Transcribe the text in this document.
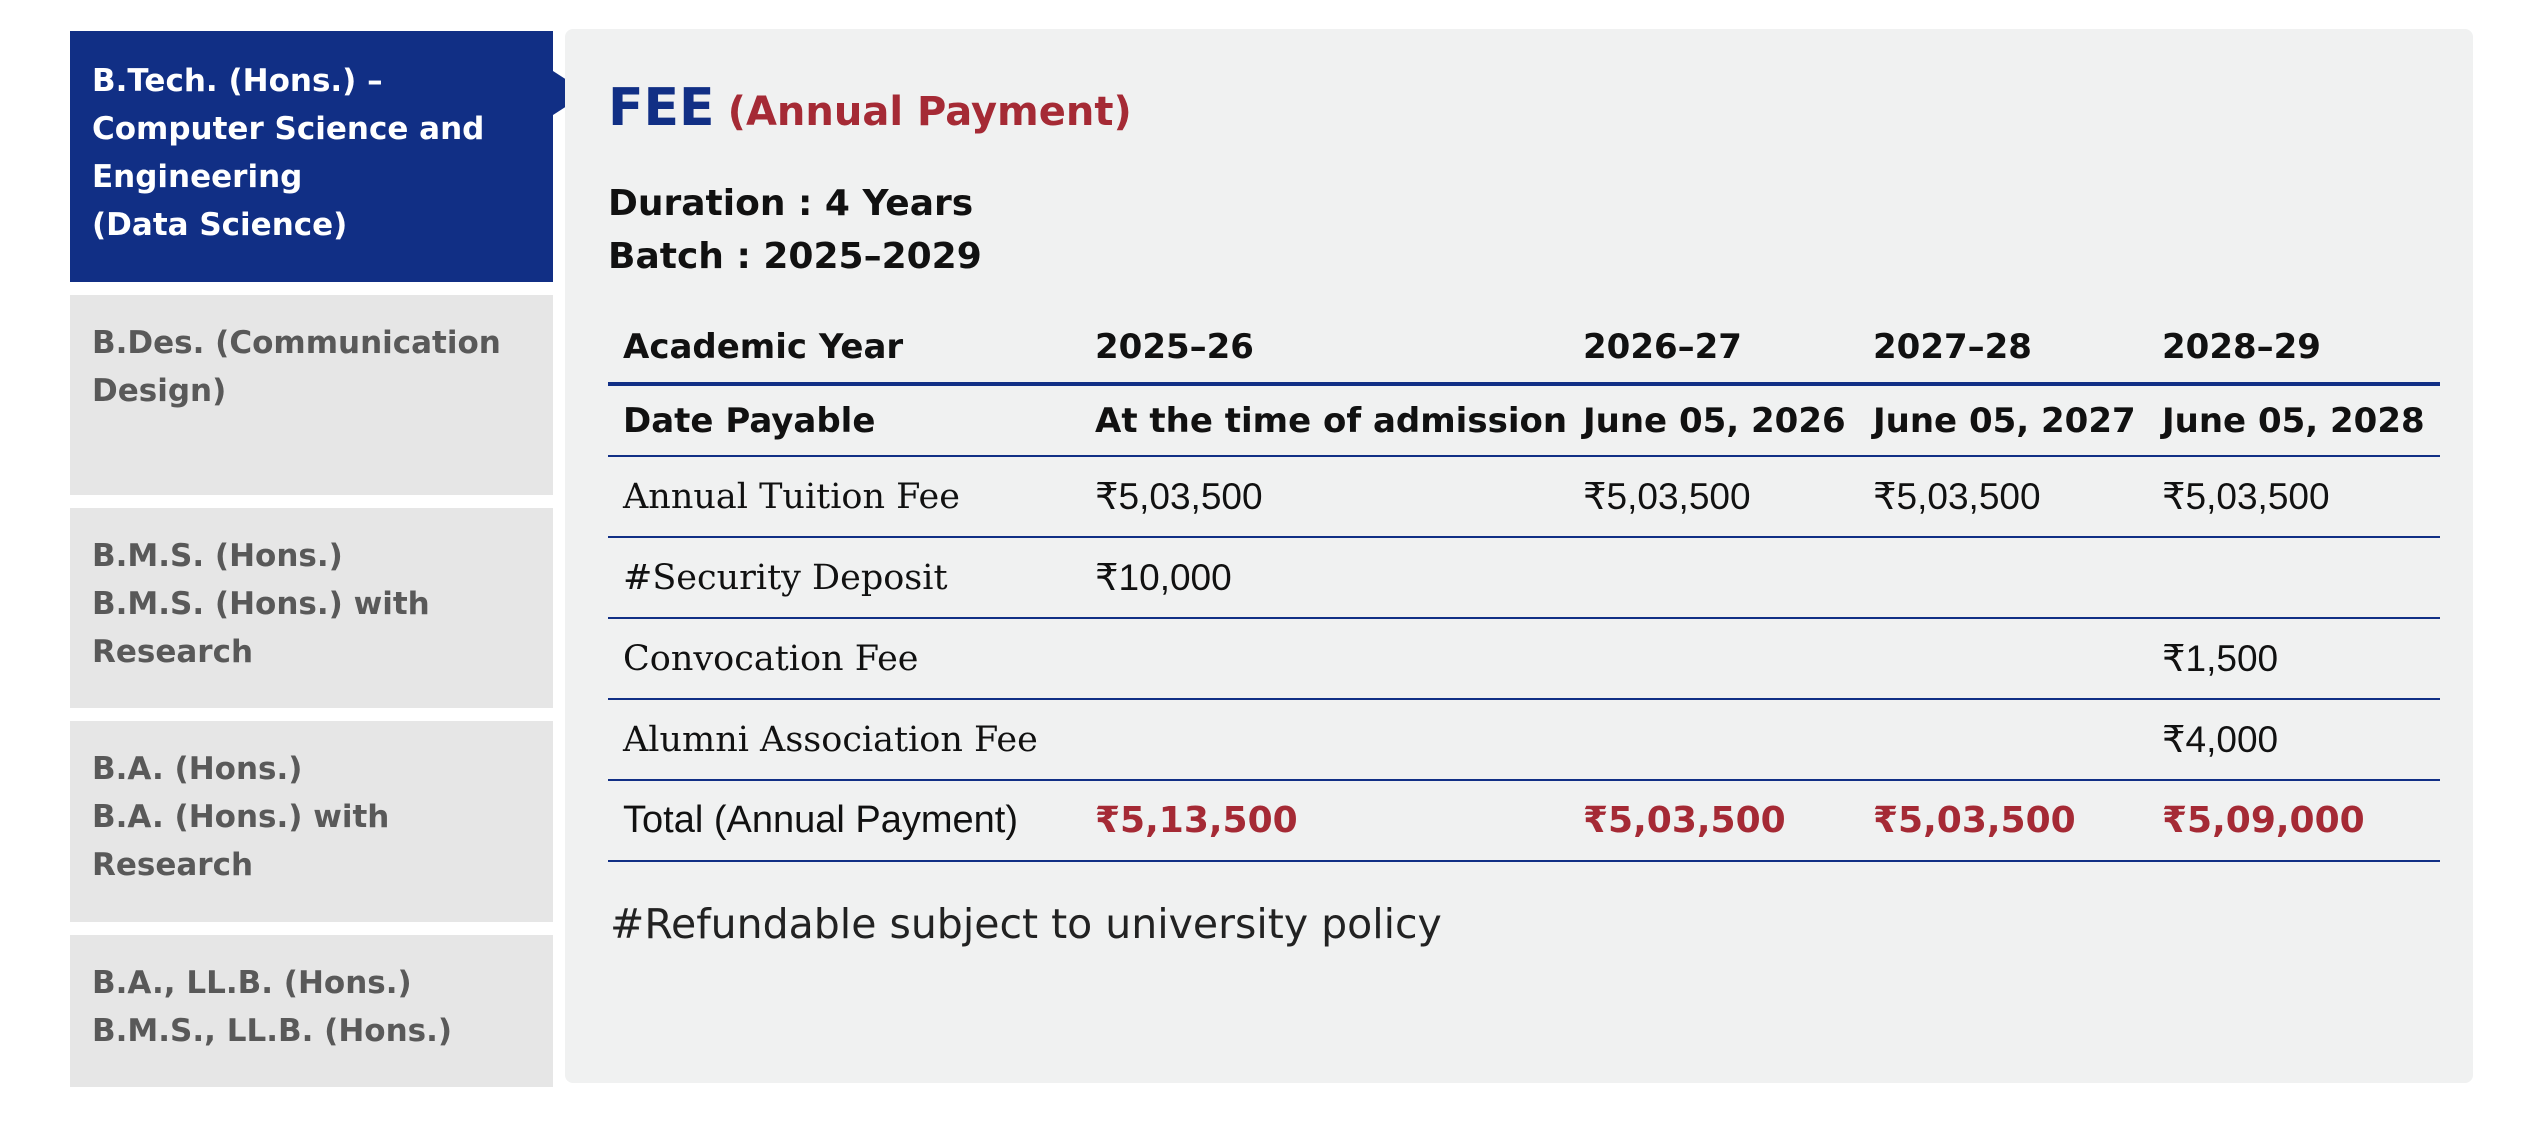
B.Tech. (Hons.) –
Computer Science and
Engineering
(Data Science)
B.Des. (Communication
Design)
B.M.S. (Hons.)
B.M.S. (Hons.) with
Research
B.A. (Hons.)
B.A. (Hons.) with
Research
B.A., LL.B. (Hons.)
B.M.S., LL.B. (Hons.)
FEE (Annual Payment)
Duration : 4 Years
Batch : 2025–2029
Academic Year	2025–26	2026–27	2027–28	2028–29
Date Payable	At the time of admission	June 05, 2026	June 05, 2027	June 05, 2028
Annual Tuition Fee	₹5,03,500	₹5,03,500	₹5,03,500	₹5,03,500
#Security Deposit	₹10,000			
Convocation Fee				₹1,500
Alumni Association Fee				₹4,000
Total (Annual Payment)	₹5,13,500	₹5,03,500	₹5,03,500	₹5,09,000
#Refundable subject to university policy
